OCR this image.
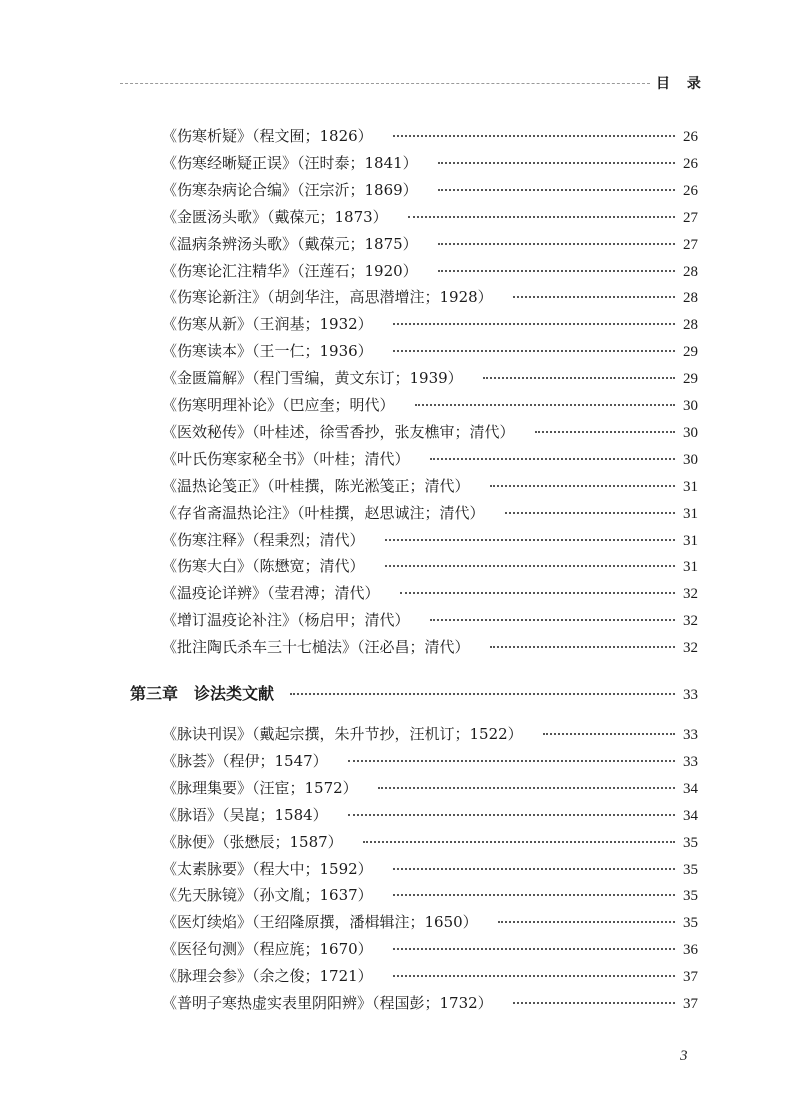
目 录
《伤寒析疑》（程文囿；1826）	26
《伤寒经晰疑正误》（汪时泰；1841）	26
《伤寒杂病论合编》（汪宗沂；1869）	26
《金匮汤头歌》（戴葆元；1873）	27
《温病条辨汤头歌》（戴葆元；1875）	27
《伤寒论汇注精华》（汪莲石；1920）	28
《伤寒论新注》（胡剑华注，高思潜增注；1928）	28
《伤寒从新》（王润基；1932）	28
《伤寒读本》（王一仁；1936）	29
《金匮篇解》（程门雪编，黄文东订；1939）	29
《伤寒明理补论》（巴应奎；明代）	30
《医效秘传》（叶桂述，徐雪香抄，张友樵审；清代）	30
《叶氏伤寒家秘全书》（叶桂；清代）	30
《温热论笺正》（叶桂撰，陈光淞笺正；清代）	31
《存省斋温热论注》（叶桂撰，赵思诚注；清代）	31
《伤寒注释》（程秉烈；清代）	31
《伤寒大白》（陈懋宽；清代）	31
《温疫论详辨》（莹君溥；清代）	32
《增订温疫论补注》（杨启甲；清代）	32
《批注陶氏杀车三十七槌法》（汪必昌；清代）	32
第三章　诊法类文献	33
《脉诀刊误》（戴起宗撰，朱升节抄，汪机订；1522）	33
《脉荟》（程伊；1547）	33
《脉理集要》（汪宦；1572）	34
《脉语》（吴崑；1584）	34
《脉便》（张懋辰；1587）	35
《太素脉要》（程大中；1592）	35
《先天脉镜》（孙文胤；1637）	35
《医灯续焰》（王绍隆原撰，潘楫辑注；1650）	35
《医径句测》（程应旄；1670）	36
《脉理会参》（余之俊；1721）	37
《普明子寒热虚实表里阴阳辨》（程国彭；1732）	37
3
